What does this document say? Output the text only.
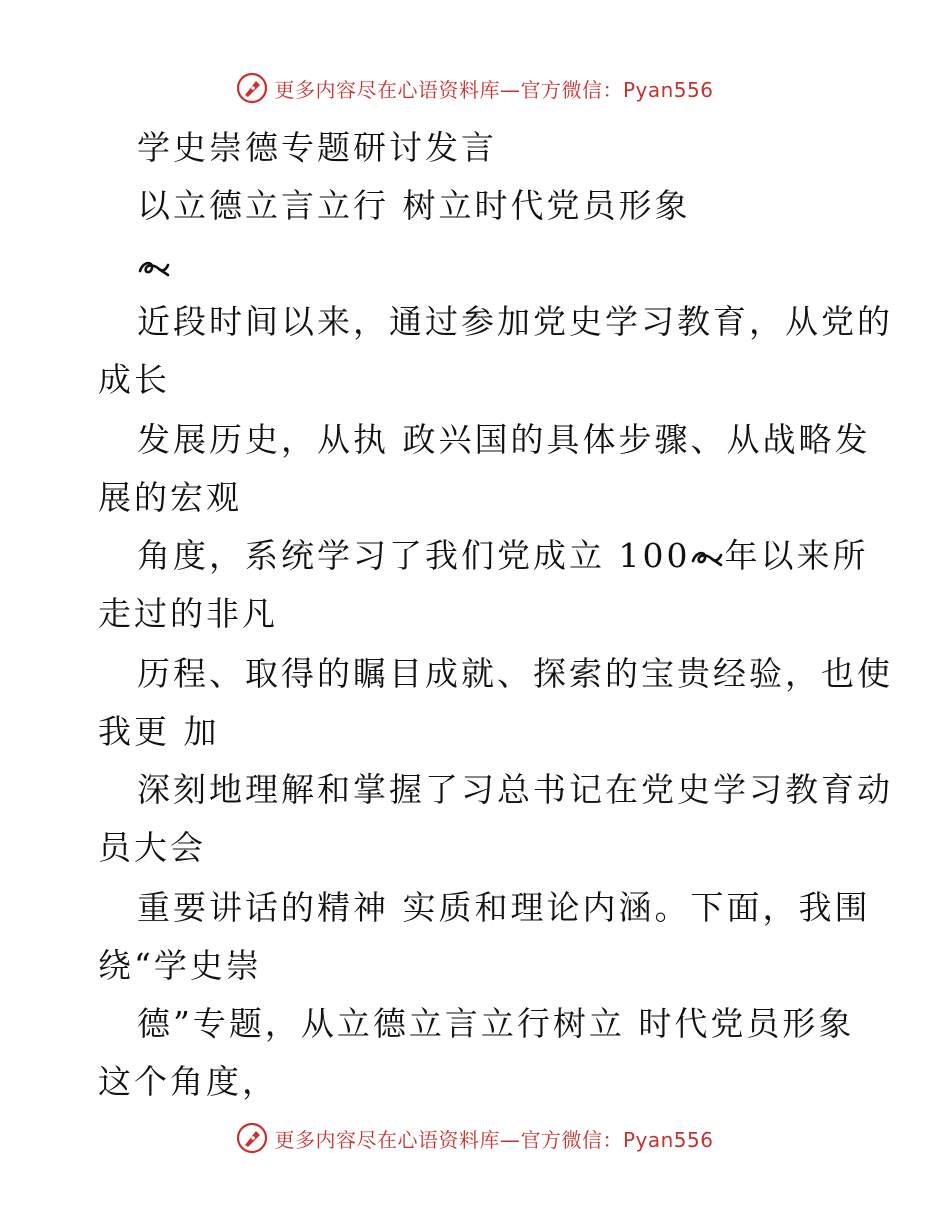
更多内容尽在心语资料库—官方微信：Pyan556
学史崇德专题研讨发言
以立德立言立行 树立时代党员形象
近段时间以来，通过参加党史学习教育，从党的
成长
发展历史，从执 政兴国的具体步骤、从战略发
展的宏观
角度，系统学习了我们党成立 100 年以来所
走过的非凡
历程、取得的瞩目成就、探索的宝贵经验，也使
我更 加
深刻地理解和掌握了习总书记在党史学习教育动
员大会
重要讲话的精神 实质和理论内涵。下面，我围
绕“学史崇
德”专题，从立德立言立行树立 时代党员形象
这个角度，
更多内容尽在心语资料库—官方微信：Pyan556
